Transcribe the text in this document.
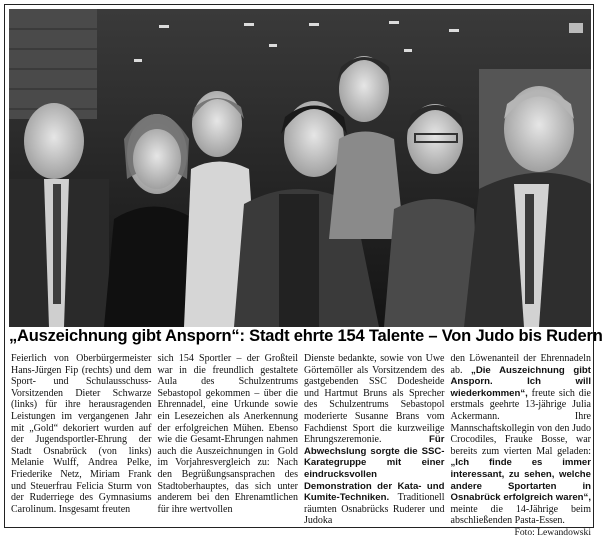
„Auszeichnung gibt Ansporn“: Stadt ehrte 154 Talente – Von Judo bis Rudern

Feierlich von Oberbürgermeister Hans-Jürgen Fip (rechts) und dem Sport- und Schulausschuss-Vorsitzenden Dieter Schwarze (links) für ihre herausragenden Leistungen im vergangenen Jahr mit „Gold“ dekoriert wurden auf der Jugendsportler-Ehrung der Stadt Osnabrück (von links) Melanie Wulff, Andrea Pelke, Friederike Netz, Miriam Frank und Steuerfrau Felicia Sturm von der Ruderriege des Gymnasiums Carolinum. Insgesamt freuten

sich 154 Sportler – der Großteil war in die freundlich gestaltete Aula des Schulzentrums Sebastopol gekommen – über die Ehrennadel, eine Urkunde sowie ein Lesezeichen als Anerkennung der erfolgreichen Mühen. Ebenso wie die Gesamt-Ehrungen nahmen auch die Auszeichnungen in Gold im Vorjahresvergleich zu: Nach den Begrüßungsansprachen des Stadtoberhauptes, das sich unter anderem bei den Ehrenamtlichen für ihre wertvollen

Dienste bedankte, sowie von Uwe Görtemöller als Vorsitzendem des gastgebenden SSC Dodesheide und Hartmut Bruns als Sprecher des Schulzentrums Sebastopol moderierte Susanne Brans vom Fachdienst Sport die kurzweilige Ehrungszeremonie. Für Abwechslung sorgte die SSC-Karategruppe mit einer eindrucksvollen Demonstration der Kata- und Kumite-Techniken. Traditionell räumten Osnabrücks Ruderer und Judoka

den Löwenanteil der Ehrennadeln ab. „Die Auszeichnung gibt Ansporn. Ich will wiederkommen“, freute sich die erstmals geehrte 13-jährige Julia Ackermann. Ihre Mannschaftskollegin von den Judo Crocodiles, Frauke Bosse, war bereits zum vierten Mal geladen: „Ich finde es immer interessant, zu sehen, welche andere Sportarten in Osnabrück erfolgreich waren“, meinte die 14-Jährige beim abschließenden Pasta-Essen.
Foto: Lewandowski
